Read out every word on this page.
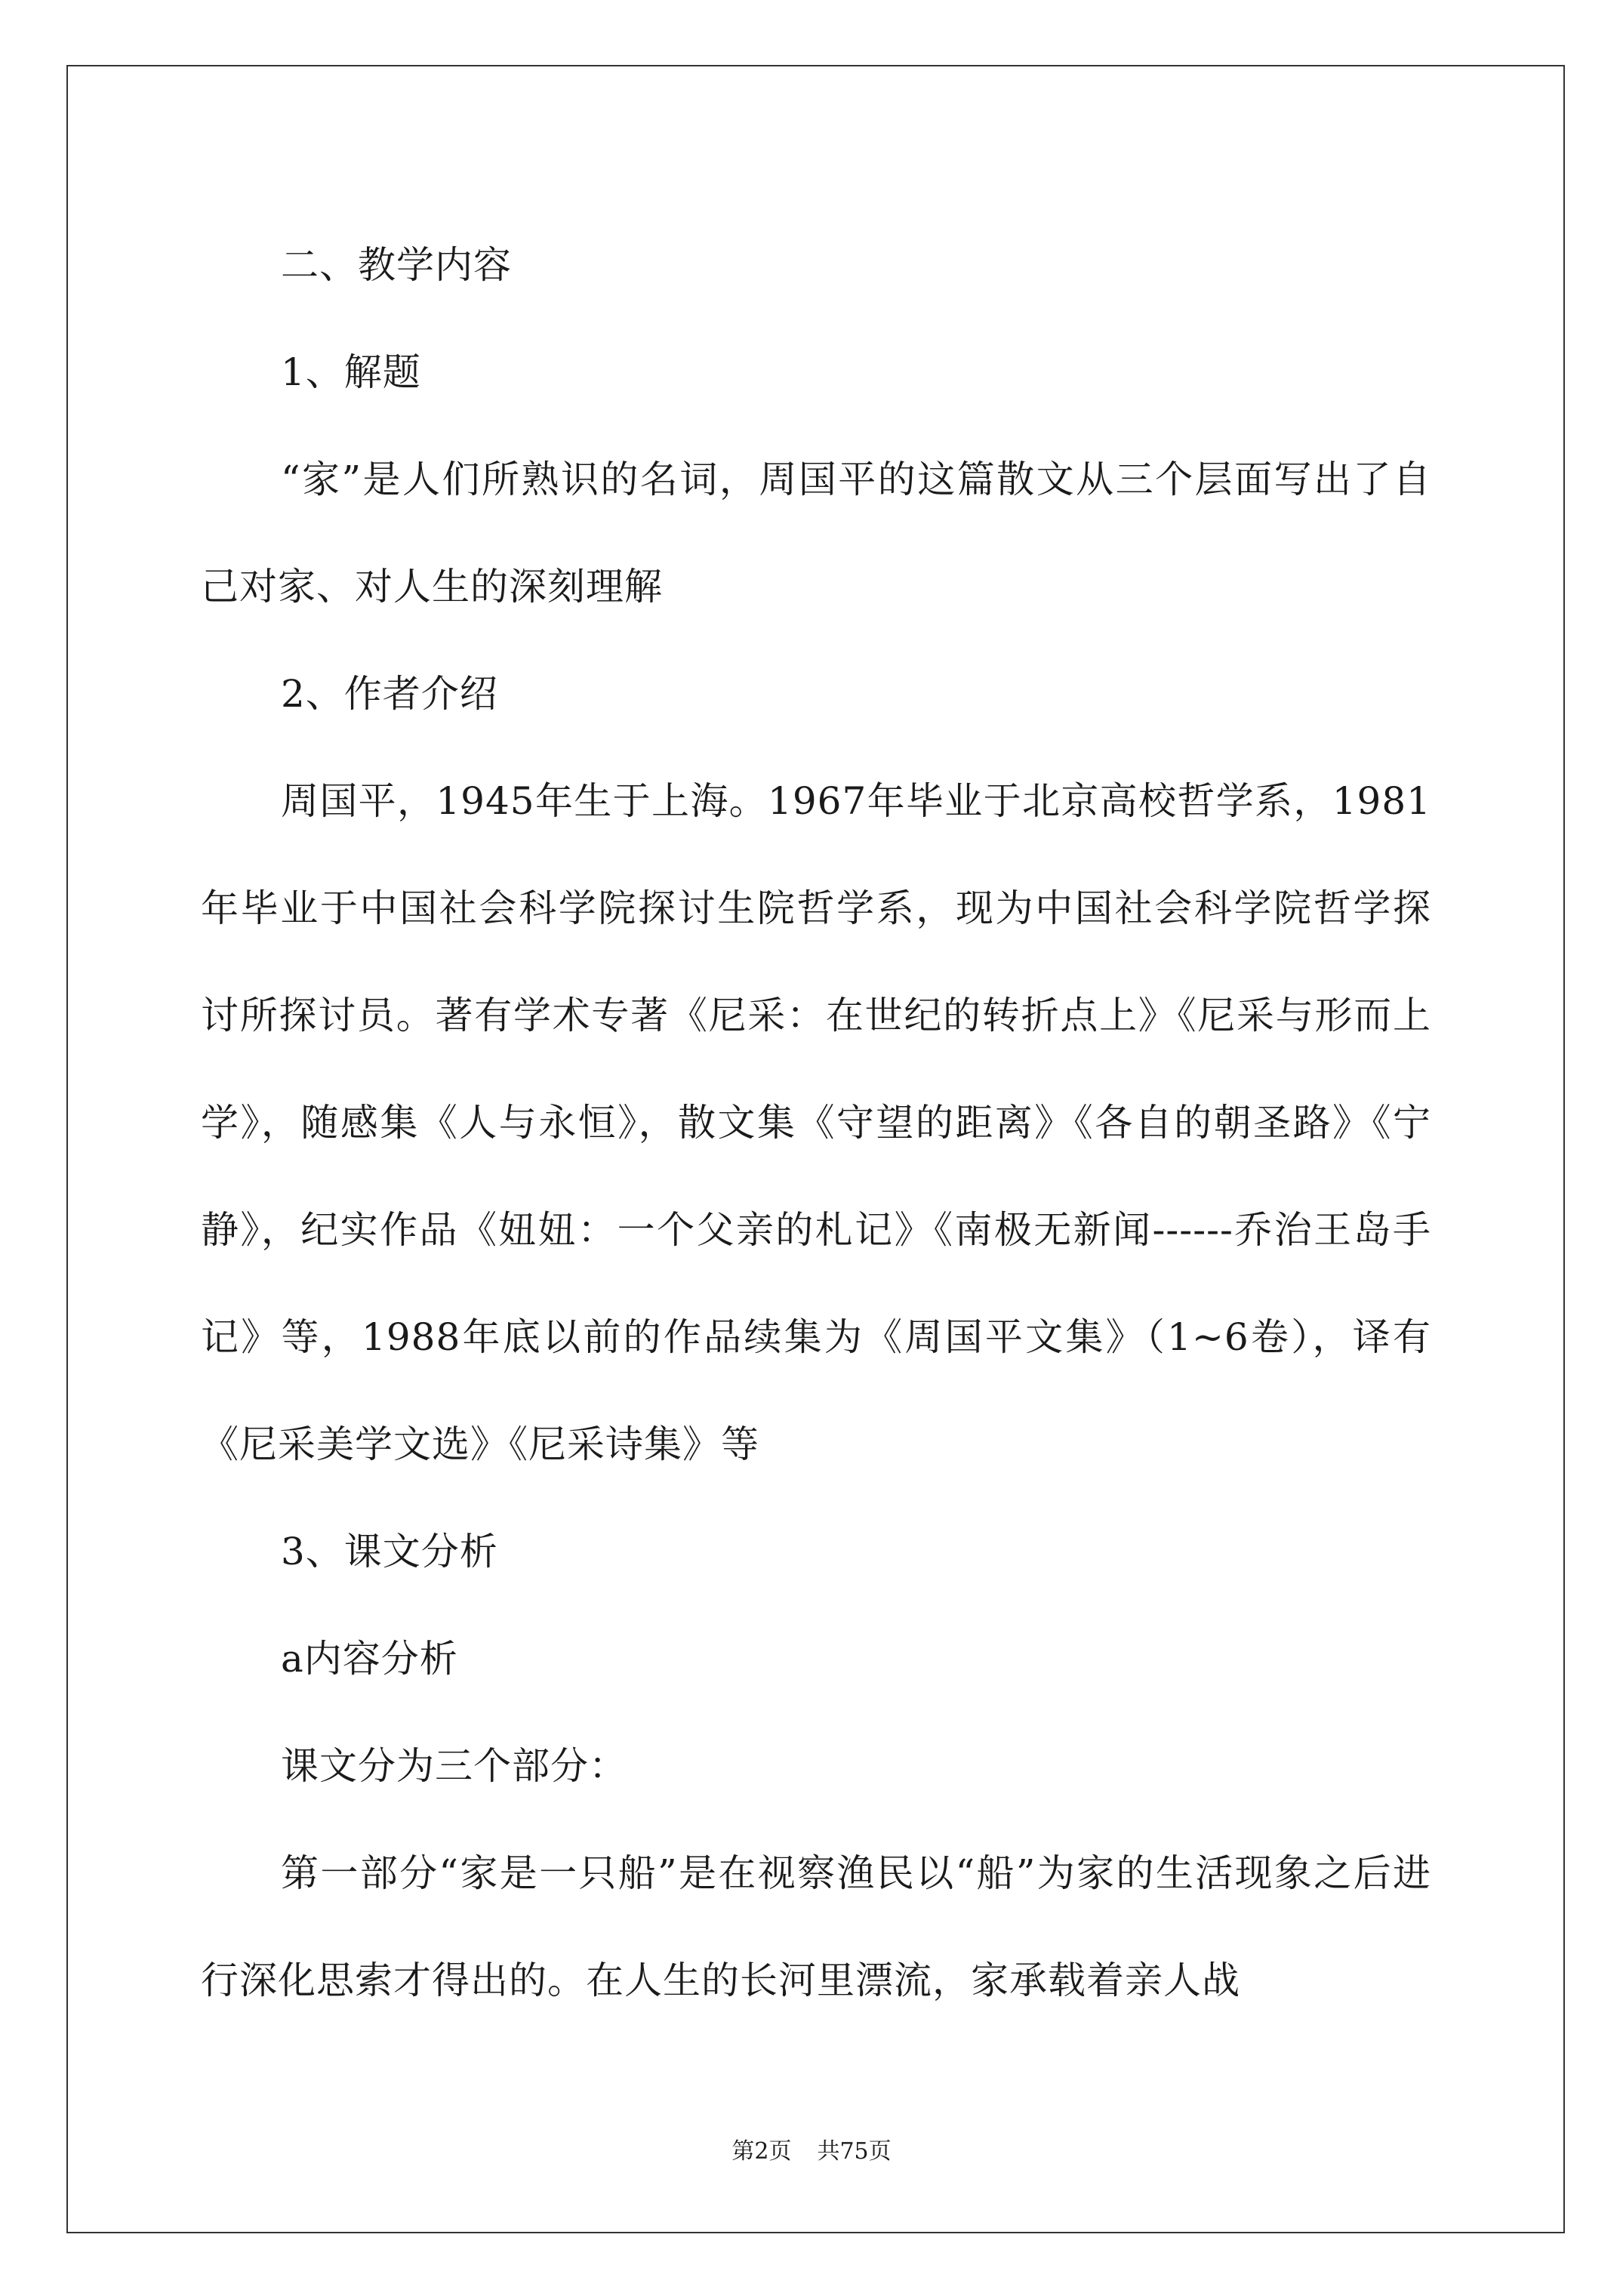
二、教学内容

1、解题

“家”是人们所熟识的名词，周国平的这篇散文从三个层面写出了自己对家、对人生的深刻理解

2、作者介绍

周国平，1945年生于上海。1967年毕业于北京高校哲学系，1981年毕业于中国社会科学院探讨生院哲学系，现为中国社会科学院哲学探讨所探讨员。著有学术专著《尼采：在世纪的转折点上》《尼采与形而上学》，随感集《人与永恒》，散文集《守望的距离》《各自的朝圣路》《宁静》，纪实作品《妞妞：一个父亲的札记》《南极无新闻------乔治王岛手记》等，1988年底以前的作品续集为《周国平文集》（1~6卷），译有《尼采美学文选》《尼采诗集》等

3、课文分析

a内容分析

课文分为三个部分：

第一部分“家是一只船”是在视察渔民以“船”为家的生活现象之后进行深化思索才得出的。在人生的长河里漂流，家承载着亲人战

第2页 共75页
